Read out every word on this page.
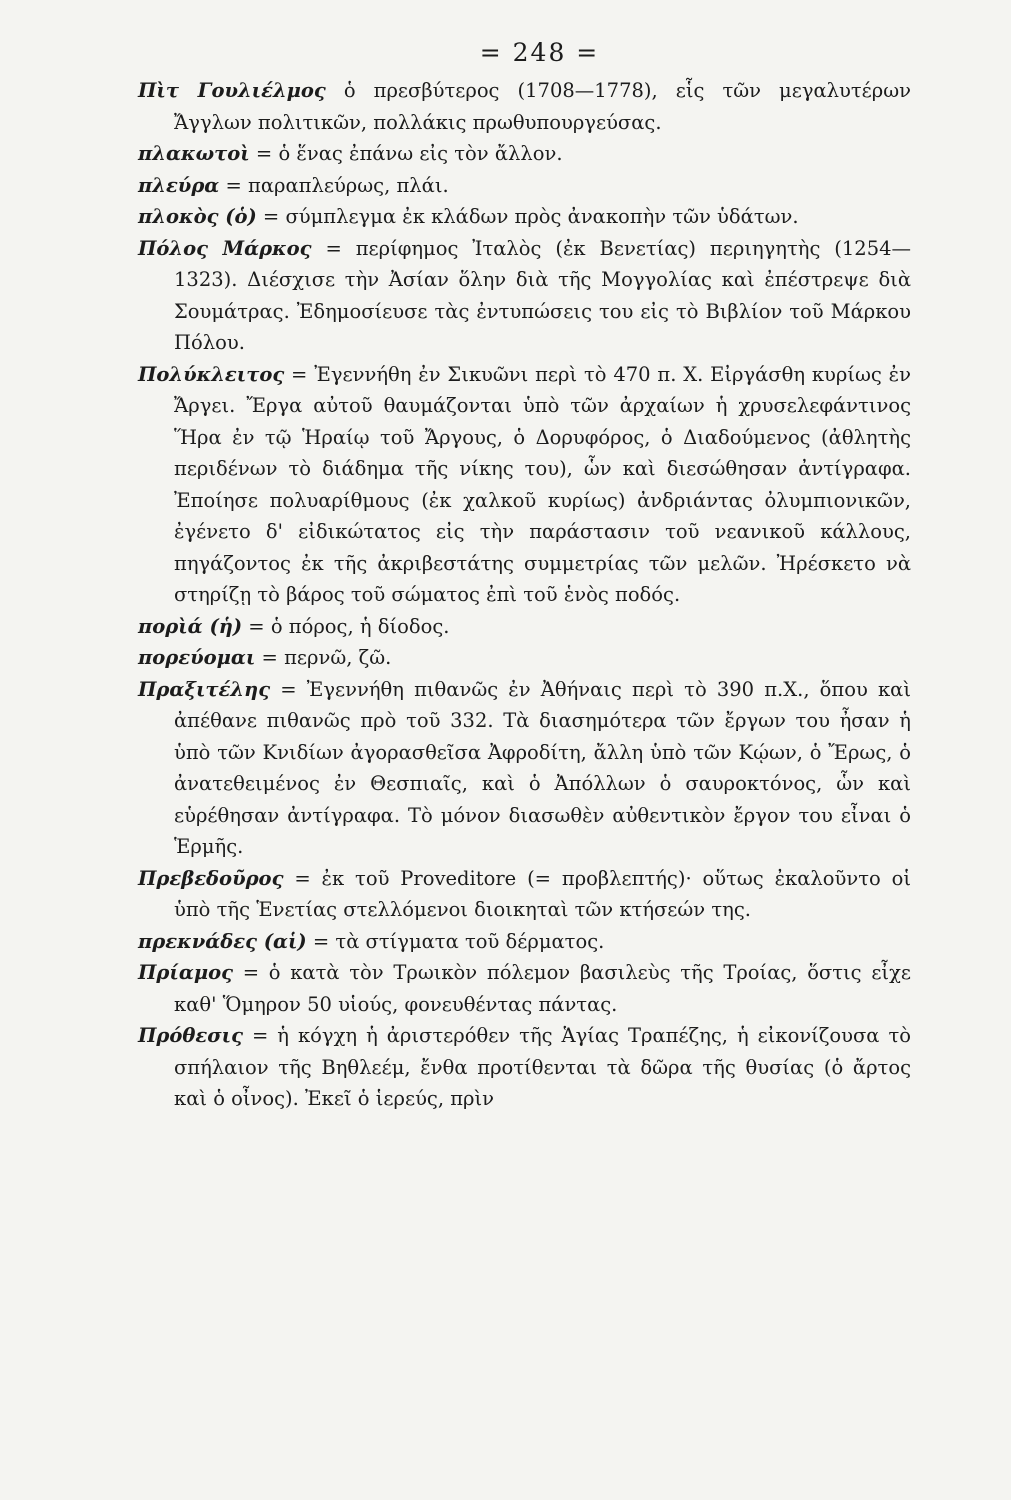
= 248 =

Πὶτ Γουλιέλμος ὁ πρεσβύτερος (1708—1778), εἷς τῶν μεγαλυτέρων Ἄγγλων πολιτικῶν, πολλάκις πρωθυπουργεύσας.

πλακωτοὶ = ὁ ἕνας ἐπάνω εἰς τὸν ἄλλον.

πλεύρα = παραπλεύρως, πλάι.

πλοκὸς (ὁ) = σύμπλεγμα ἐκ κλάδων πρὸς ἀνακοπὴν τῶν ὑδάτων.

Πόλος Μάρκος = περίφημος Ἰταλὸς (ἐκ Βενετίας) περιηγητὴς (1254—1323). Διέσχισε τὴν Ἀσίαν ὅλην διὰ τῆς Μογγολίας καὶ ἐπέστρεψε διὰ Σουμάτρας. Ἐδημοσίευσε τὰς ἐντυπώσεις του εἰς τὸ Βιβλίον τοῦ Μάρκου Πόλου.

Πολύκλειτος = Ἐγεννήθη ἐν Σικυῶνι περὶ τὸ 470 π. Χ. Εἰργάσθη κυρίως ἐν Ἄργει. Ἔργα αὐτοῦ θαυμάζονται ὑπὸ τῶν ἀρχαίων ἡ χρυσελεφάντινος Ἥρα ἐν τῷ Ἡραίῳ τοῦ Ἄργους, ὁ Δορυφόρος, ὁ Διαδούμενος (ἀθλητὴς περιδένων τὸ διάδημα τῆς νίκης του), ὧν καὶ διεσώθησαν ἀντίγραφα. Ἐποίησε πολυαρίθμους (ἐκ χαλκοῦ κυρίως) ἀνδριάντας ὀλυμπιονικῶν, ἐγένετο δ' εἰδικώτατος εἰς τὴν παράστασιν τοῦ νεανικοῦ κάλλους, πηγάζοντος ἐκ τῆς ἀκριβεστάτης συμμετρίας τῶν μελῶν. Ἠρέσκετο νὰ στηρίζῃ τὸ βάρος τοῦ σώματος ἐπὶ τοῦ ἑνὸς ποδός.

πορὶά (ἡ) = ὁ πόρος, ἡ δίοδος.

πορεύομαι = περνῶ, ζῶ.

Πραξιτέλης = Ἐγεννήθη πιθανῶς ἐν Ἀθήναις περὶ τὸ 390 π.Χ., ὅπου καὶ ἀπέθανε πιθανῶς πρὸ τοῦ 332. Τὰ διασημότερα τῶν ἔργων του ἦσαν ἡ ὑπὸ τῶν Κνιδίων ἀγορασθεῖσα Ἀφροδίτη, ἄλλη ὑπὸ τῶν Κῴων, ὁ Ἔρως, ὁ ἀνατεθειμένος ἐν Θεσπιαῖς, καὶ ὁ Ἀπόλλων ὁ σαυροκτόνος, ὧν καὶ εὑρέθησαν ἀντίγραφα. Τὸ μόνον διασωθὲν αὐθεντικὸν ἔργον του εἶναι ὁ Ἑρμῆς.

Πρεβεδοῦρος = ἐκ τοῦ Proveditore (= προβλεπτής)· οὕτως ἐκαλοῦντο οἱ ὑπὸ τῆς Ἑνετίας στελλόμενοι διοικηταὶ τῶν κτήσεών της.

πρεκνάδες (αἱ) = τὰ στίγματα τοῦ δέρματος.

Πρίαμος = ὁ κατὰ τὸν Τρωικὸν πόλεμον βασιλεὺς τῆς Τροίας, ὅστις εἶχε καθ' Ὅμηρον 50 υἱούς, φονευθέντας πάντας.

Πρόθεσις = ἡ κόγχη ἡ ἀριστερόθεν τῆς Ἁγίας Τραπέζης, ἡ εἰκονίζουσα τὸ σπήλαιον τῆς Βηθλεέμ, ἔνθα προτίθενται τὰ δῶρα τῆς θυσίας (ὁ ἄρτος καὶ ὁ οἶνος). Ἐκεῖ ὁ ἱερεύς, πρὶν
